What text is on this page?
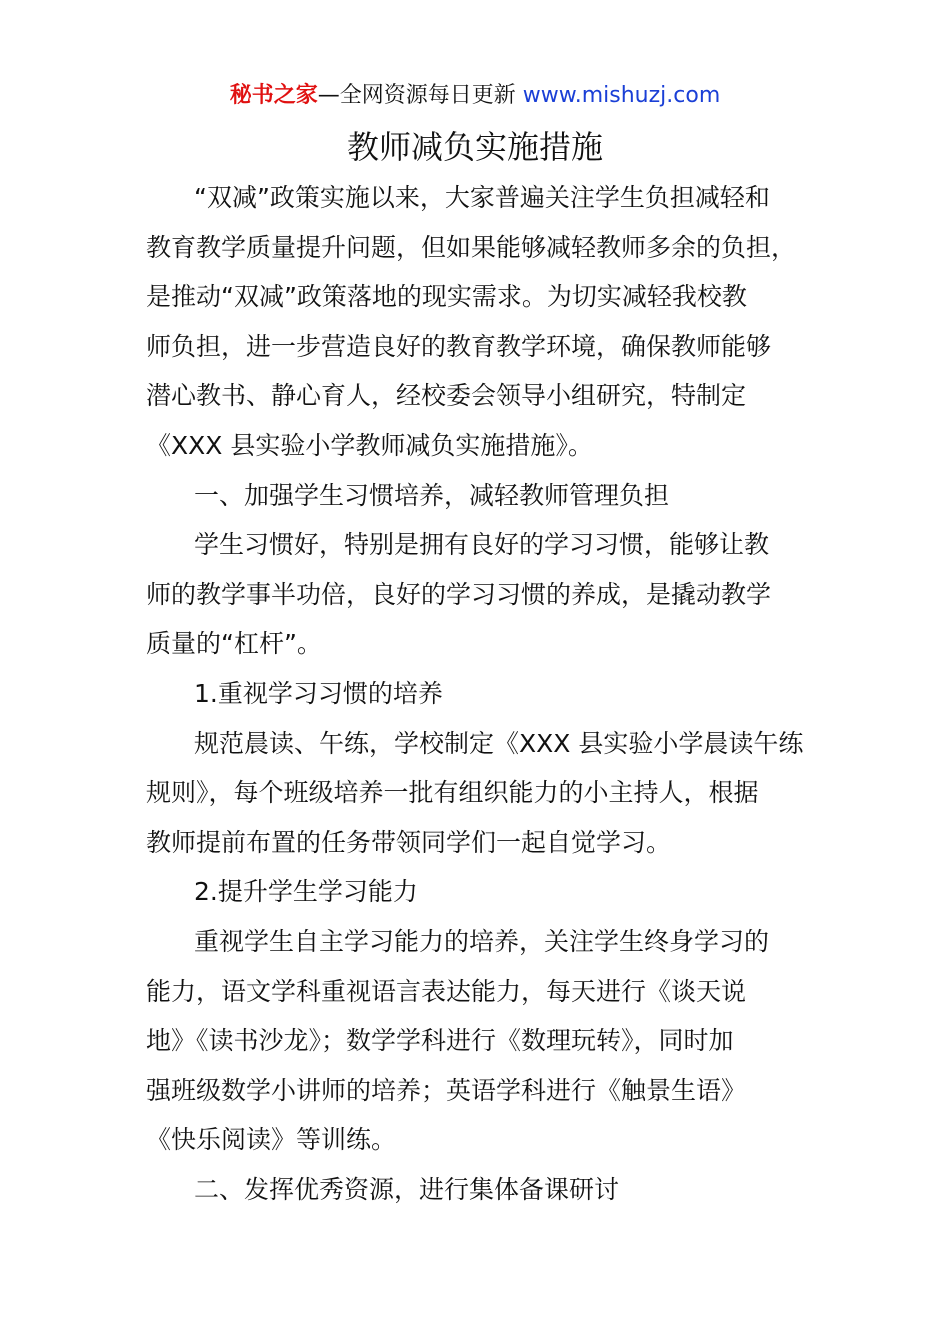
秘书之家—全网资源每日更新 www.mishuzj.com
教师减负实施措施
“双减”政策实施以来，大家普遍关注学生负担减轻和
教育教学质量提升问题，但如果能够减轻教师多余的负担，
是推动“双减”政策落地的现实需求。为切实减轻我校教
师负担，进一步营造良好的教育教学环境，确保教师能够
潜心教书、静心育人，经校委会领导小组研究，特制定
《XXX 县实验小学教师减负实施措施》。
一、加强学生习惯培养，减轻教师管理负担
学生习惯好，特别是拥有良好的学习习惯，能够让教
师的教学事半功倍，良好的学习习惯的养成，是撬动教学
质量的“杠杆”。
1.重视学习习惯的培养
规范晨读、午练，学校制定《XXX 县实验小学晨读午练
规则》，每个班级培养一批有组织能力的小主持人，根据
教师提前布置的任务带领同学们一起自觉学习。
2.提升学生学习能力
重视学生自主学习能力的培养，关注学生终身学习的
能力，语文学科重视语言表达能力，每天进行《谈天说
地》《读书沙龙》；数学学科进行《数理玩转》，同时加
强班级数学小讲师的培养；英语学科进行《触景生语》
《快乐阅读》等训练。
二、发挥优秀资源，进行集体备课研讨
